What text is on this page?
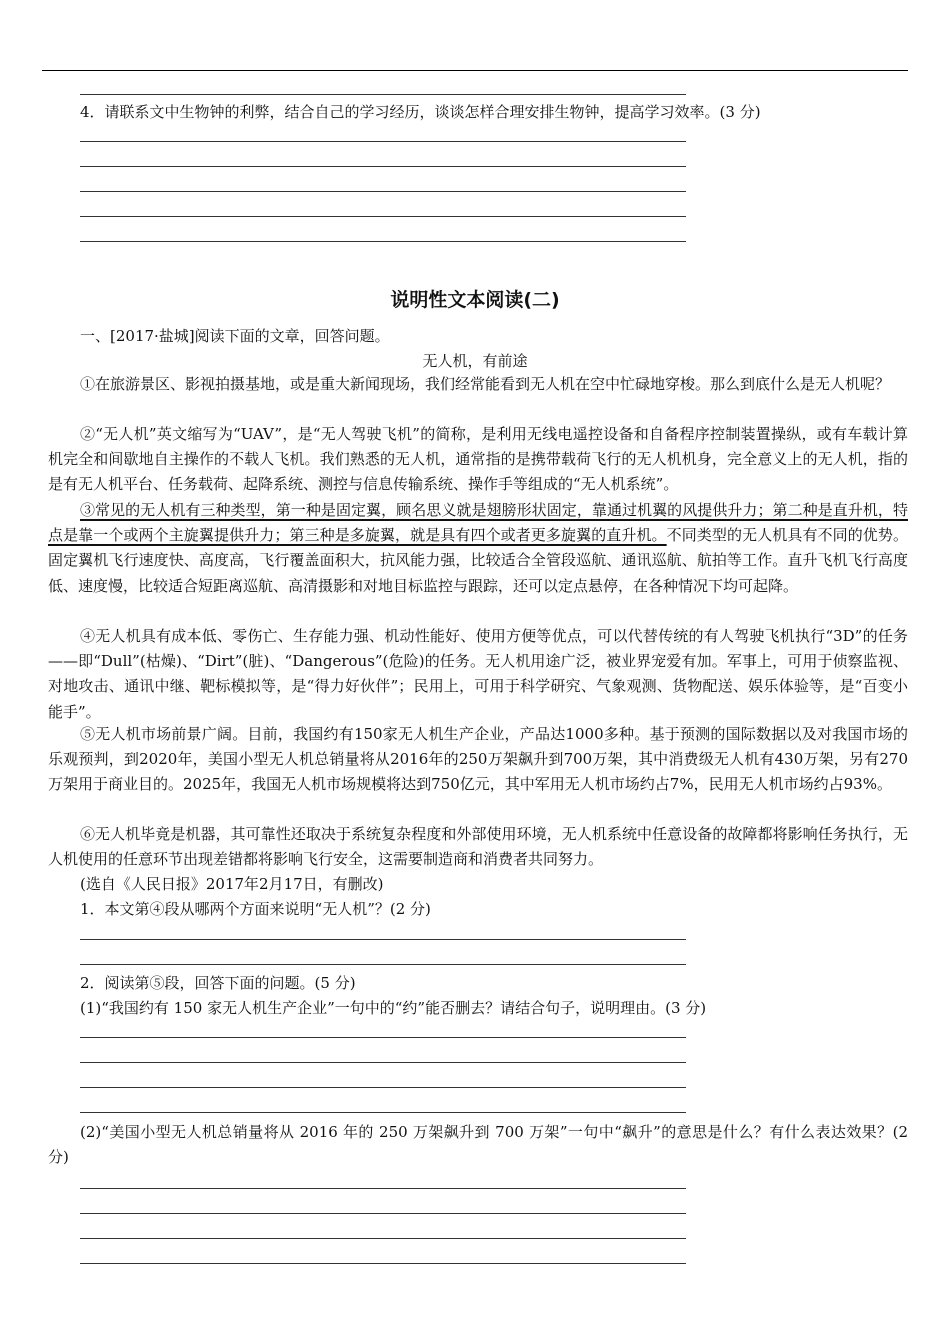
4．请联系文中生物钟的利弊，结合自己的学习经历，谈谈怎样合理安排生物钟，提高学习效率。(3 分)
说明性文本阅读(二)
一、[2017·盐城]阅读下面的文章，回答问题。
无人机，有前途
①在旅游景区、影视拍摄基地，或是重大新闻现场，我们经常能看到无人机在空中忙碌地穿梭。那么到底什么是无人机呢？
②“无人机”英文缩写为“UAV”，是“无人驾驶飞机”的简称，是利用无线电遥控设备和自备程序控制装置操纵，或有车载计算机完全和间歇地自主操作的不载人飞机。我们熟悉的无人机，通常指的是携带载荷飞行的无人机机身，完全意义上的无人机，指的是有无人机平台、任务载荷、起降系统、测控与信息传输系统、操作手等组成的“无人机系统”。
③常见的无人机有三种类型，第一种是固定翼，顾名思义就是翅膀形状固定，靠通过机翼的风提供升力；第二种是直升机，特点是靠一个或两个主旋翼提供升力；第三种是多旋翼，就是具有四个或者更多旋翼的直升机。不同类型的无人机具有不同的优势。固定翼机飞行速度快、高度高，飞行覆盖面积大，抗风能力强，比较适合全管段巡航、通讯巡航、航拍等工作。直升飞机飞行高度低、速度慢，比较适合短距离巡航、高清摄影和对地目标监控与跟踪，还可以定点悬停，在各种情况下均可起降。
④无人机具有成本低、零伤亡、生存能力强、机动性能好、使用方便等优点，可以代替传统的有人驾驶飞机执行“3D”的任务——即“Dull”(枯燥)、“Dirt”(脏)、“Dangerous”(危险)的任务。无人机用途广泛，被业界宠爱有加。军事上，可用于侦察监视、对地攻击、通讯中继、靶标模拟等，是“得力好伙伴”；民用上，可用于科学研究、气象观测、货物配送、娱乐体验等，是“百变小能手”。
⑤无人机市场前景广阔。目前，我国约有150家无人机生产企业，产品达1000多种。基于预测的国际数据以及对我国市场的乐观预判，到2020年，美国小型无人机总销量将从2016年的250万架飙升到700万架，其中消费级无人机有430万架，另有270万架用于商业目的。2025年，我国无人机市场规模将达到750亿元，其中军用无人机市场约占7%，民用无人机市场约占93%。
⑥无人机毕竟是机器，其可靠性还取决于系统复杂程度和外部使用环境，无人机系统中任意设备的故障都将影响任务执行，无人机使用的任意环节出现差错都将影响飞行安全，这需要制造商和消费者共同努力。
(选自《人民日报》2017年2月17日，有删改)
1．本文第④段从哪两个方面来说明“无人机”？(2 分)
2．阅读第⑤段，回答下面的问题。(5 分)
(1)“我国约有 150 家无人机生产企业”一句中的“约”能否删去？请结合句子，说明理由。(3 分)
(2)“美国小型无人机总销量将从 2016 年的 250 万架飙升到 700 万架”一句中“飙升”的意思是什么？有什么表达效果？(2 分)
